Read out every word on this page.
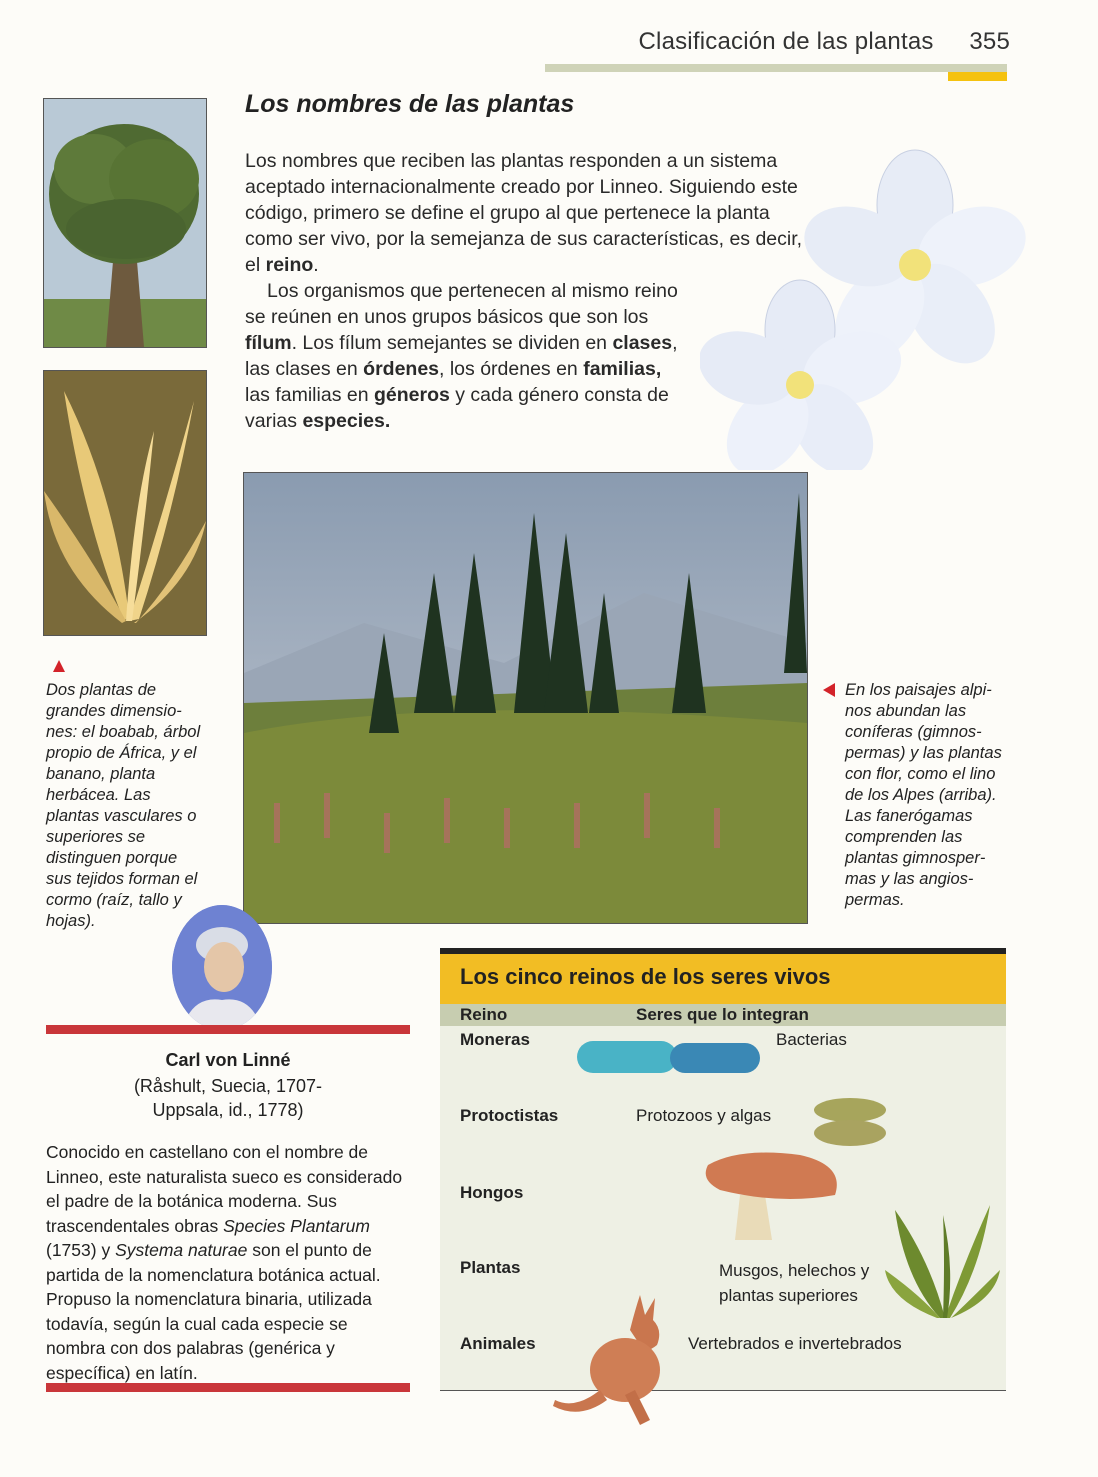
Clasificación de las plantas 355
Dos plantas de grandes dimensiones: el boabab, árbol propio de África, y el banano, planta herbácea. Las plantas vasculares o superiores se distinguen porque sus tejidos forman el cormo (raíz, tallo y hojas).
Los nombres de las plantas
Los nombres que reciben las plantas responden a un sistema aceptado internacionalmente creado por Linneo. Siguiendo este código, primero se define el grupo al que pertenece la planta como ser vivo, por la semejanza de sus características, es decir, el reino.
Los organismos que pertenecen al mismo reino se reúnen en unos grupos básicos que son los fílum. Los fílum semejantes se dividen en clases, las clases en órdenes, los órdenes en familias, las familias en géneros y cada género consta de varias especies.
En los paisajes alpinos abundan las coníferas (gimnospermas) y las plantas con flor, como el lino de los Alpes (arriba).
Las fanerógamas comprenden las plantas gimnospermas y las angiospermas.
Carl von Linné
(Råshult, Suecia, 1707- Uppsala, id., 1778)
Conocido en castellano con el nombre de Linneo, este naturalista sueco es considerado el padre de la botánica moderna. Sus trascendentales obras Species Plantarum (1753) y Systema naturae son el punto de partida de la nomenclatura botánica actual. Propuso la nomenclatura binaria, utilizada todavía, según la cual cada especie se nombra con dos palabras (genérica y específica) en latín.
Los cinco reinos de los seres vivos
Reino	Seres que lo integran
Moneras	Bacterias
Protoctistas	Protozoos y algas
Hongos
Plantas	Musgos, helechos y plantas superiores
Animales	Vertebrados e invertebrados
